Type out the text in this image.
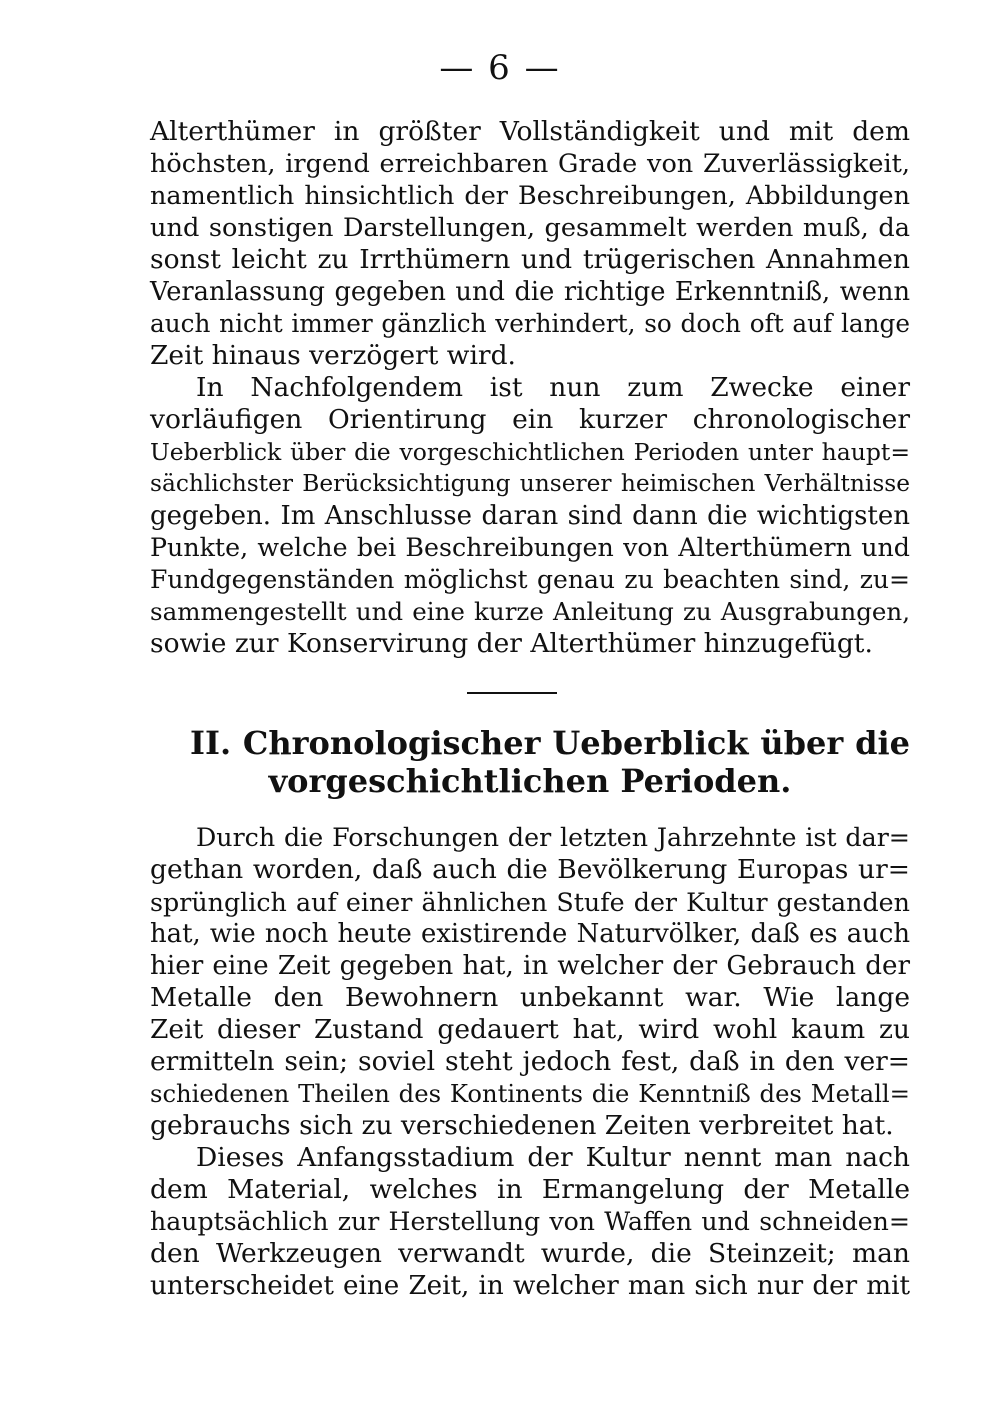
— 6 —
Alterthümer in größter Vollständigkeit und mit dem
höchsten, irgend erreichbaren Grade von Zuverlässigkeit,
namentlich hinsichtlich der Beschreibungen, Abbildungen
und sonstigen Darstellungen, gesammelt werden muß, da
sonst leicht zu Irrthümern und trügerischen Annahmen
Veranlassung gegeben und die richtige Erkenntniß, wenn
auch nicht immer gänzlich verhindert, so doch oft auf lange
Zeit hinaus verzögert wird.
In Nachfolgendem ist nun zum Zwecke einer
vorläufigen Orientirung ein kurzer chronologischer
Ueberblick über die vorgeschichtlichen Perioden unter haupt=
sächlichster Berücksichtigung unserer heimischen Verhältnisse
gegeben. Im Anschlusse daran sind dann die wichtigsten
Punkte, welche bei Beschreibungen von Alterthümern und
Fundgegenständen möglichst genau zu beachten sind, zu=
sammengestellt und eine kurze Anleitung zu Ausgrabungen,
sowie zur Konservirung der Alterthümer hinzugefügt.
II. Chronologischer Ueberblick über die
vorgeschichtlichen Perioden.
Durch die Forschungen der letzten Jahrzehnte ist dar=
gethan worden, daß auch die Bevölkerung Europas ur=
sprünglich auf einer ähnlichen Stufe der Kultur gestanden
hat, wie noch heute existirende Naturvölker, daß es auch
hier eine Zeit gegeben hat, in welcher der Gebrauch der
Metalle den Bewohnern unbekannt war. Wie lange
Zeit dieser Zustand gedauert hat, wird wohl kaum zu
ermitteln sein; soviel steht jedoch fest, daß in den ver=
schiedenen Theilen des Kontinents die Kenntniß des Metall=
gebrauchs sich zu verschiedenen Zeiten verbreitet hat.
Dieses Anfangsstadium der Kultur nennt man nach
dem Material, welches in Ermangelung der Metalle
hauptsächlich zur Herstellung von Waffen und schneiden=
den Werkzeugen verwandt wurde, die Steinzeit; man
unterscheidet eine Zeit, in welcher man sich nur der mit
